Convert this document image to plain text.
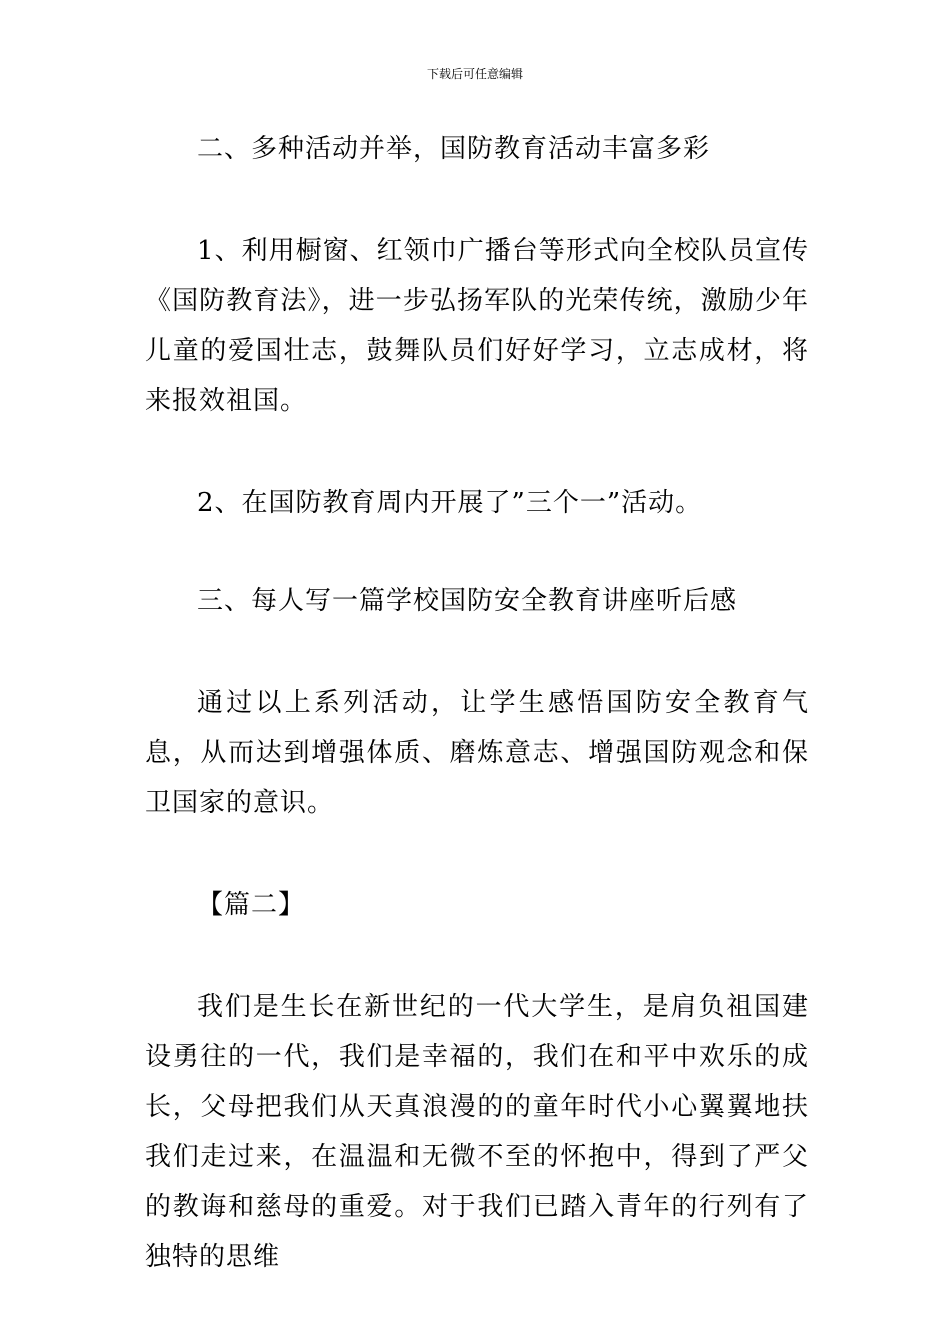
下载后可任意编辑

二、多种活动并举，国防教育活动丰富多彩

1、利用橱窗、红领巾广播台等形式向全校队员宣传《国防教育法》，进一步弘扬军队的光荣传统，激励少年儿童的爱国壮志，鼓舞队员们好好学习，立志成材，将来报效祖国。

2、在国防教育周内开展了”三个一”活动。

三、每人写一篇学校国防安全教育讲座听后感

通过以上系列活动，让学生感悟国防安全教育气息，从而达到增强体质、磨炼意志、增强国防观念和保卫国家的意识。

【篇二】

我们是生长在新世纪的一代大学生，是肩负祖国建设勇往的一代，我们是幸福的，我们在和平中欢乐的成长，父母把我们从天真浪漫的的童年时代小心翼翼地扶我们走过来，在温温和无微不至的怀抱中，得到了严父的教诲和慈母的重爱。对于我们已踏入青年的行列有了独特的思维
